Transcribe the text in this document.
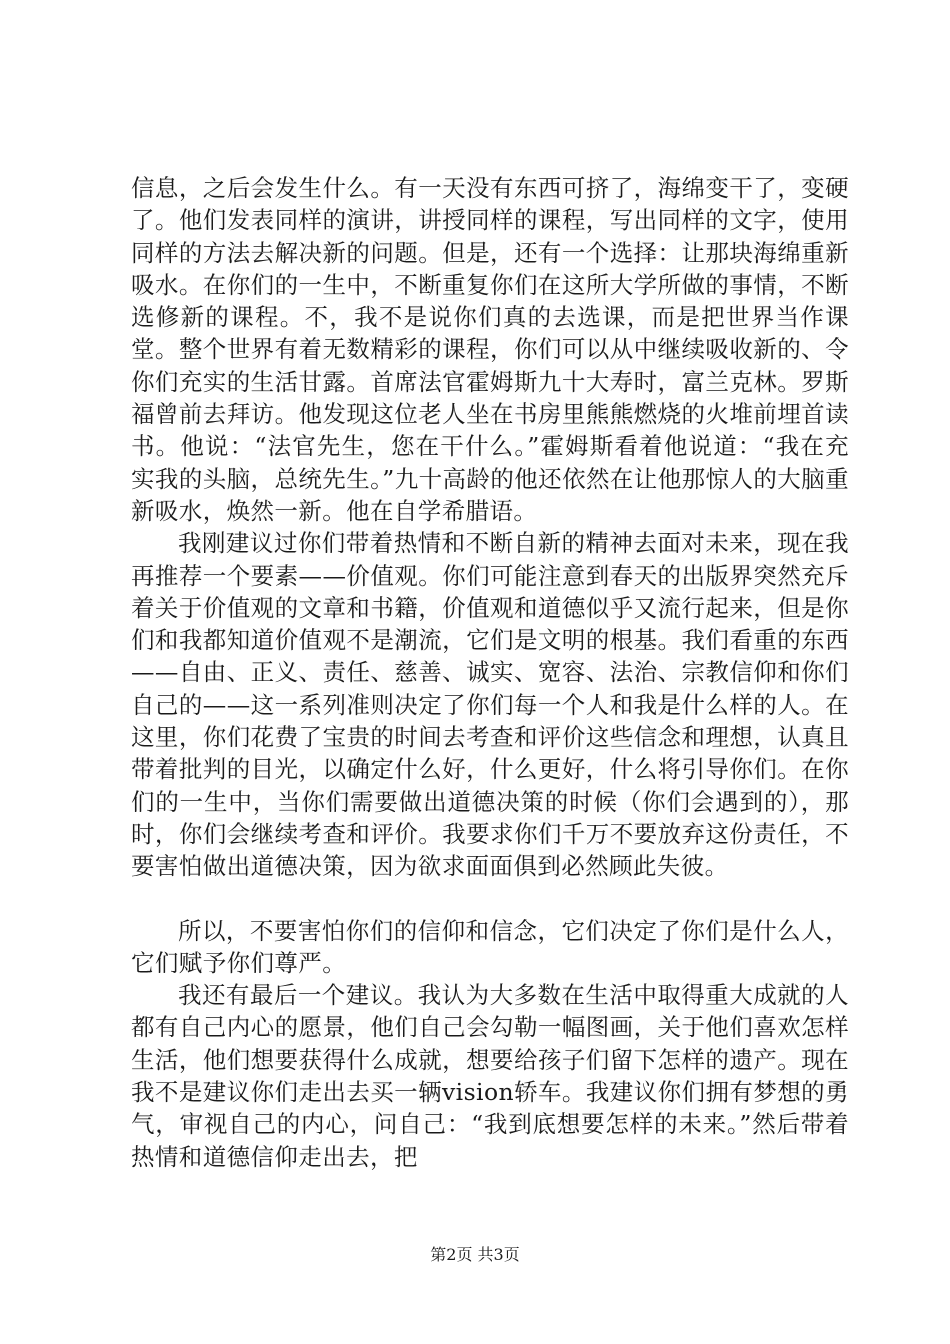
信息，之后会发生什么。有一天没有东西可挤了，海绵变干了，变硬了。他们发表同样的演讲，讲授同样的课程，写出同样的文字，使用同样的方法去解决新的问题。但是，还有一个选择：让那块海绵重新吸水。在你们的一生中，不断重复你们在这所大学所做的事情，不断选修新的课程。不，我不是说你们真的去选课，而是把世界当作课堂。整个世界有着无数精彩的课程，你们可以从中继续吸收新的、令你们充实的生活甘露。首席法官霍姆斯九十大寿时，富兰克林。罗斯福曾前去拜访。他发现这位老人坐在书房里熊熊燃烧的火堆前埋首读书。他说：“法官先生，您在干什么。”霍姆斯看着他说道：“我在充实我的头脑，总统先生。”九十高龄的他还依然在让他那惊人的大脑重新吸水，焕然一新。他在自学希腊语。

我刚建议过你们带着热情和不断自新的精神去面对未来，现在我再推荐一个要素——价值观。你们可能注意到春天的出版界突然充斥着关于价值观的文章和书籍，价值观和道德似乎又流行起来，但是你们和我都知道价值观不是潮流，它们是文明的根基。我们看重的东西——自由、正义、责任、慈善、诚实、宽容、法治、宗教信仰和你们自己的——这一系列准则决定了你们每一个人和我是什么样的人。在这里，你们花费了宝贵的时间去考查和评价这些信念和理想，认真且带着批判的目光，以确定什么好，什么更好，什么将引导你们。在你们的一生中，当你们需要做出道德决策的时候（你们会遇到的），那时，你们会继续考查和评价。我要求你们千万不要放弃这份责任，不要害怕做出道德决策，因为欲求面面俱到必然顾此失彼。

所以，不要害怕你们的信仰和信念，它们决定了你们是什么人，它们赋予你们尊严。

我还有最后一个建议。我认为大多数在生活中取得重大成就的人都有自己内心的愿景，他们自己会勾勒一幅图画，关于他们喜欢怎样生活，他们想要获得什么成就，想要给孩子们留下怎样的遗产。现在我不是建议你们走出去买一辆vision轿车。我建议你们拥有梦想的勇气，审视自己的内心，问自己：“我到底想要怎样的未来。”然后带着热情和道德信仰走出去，把

第2页 共3页
